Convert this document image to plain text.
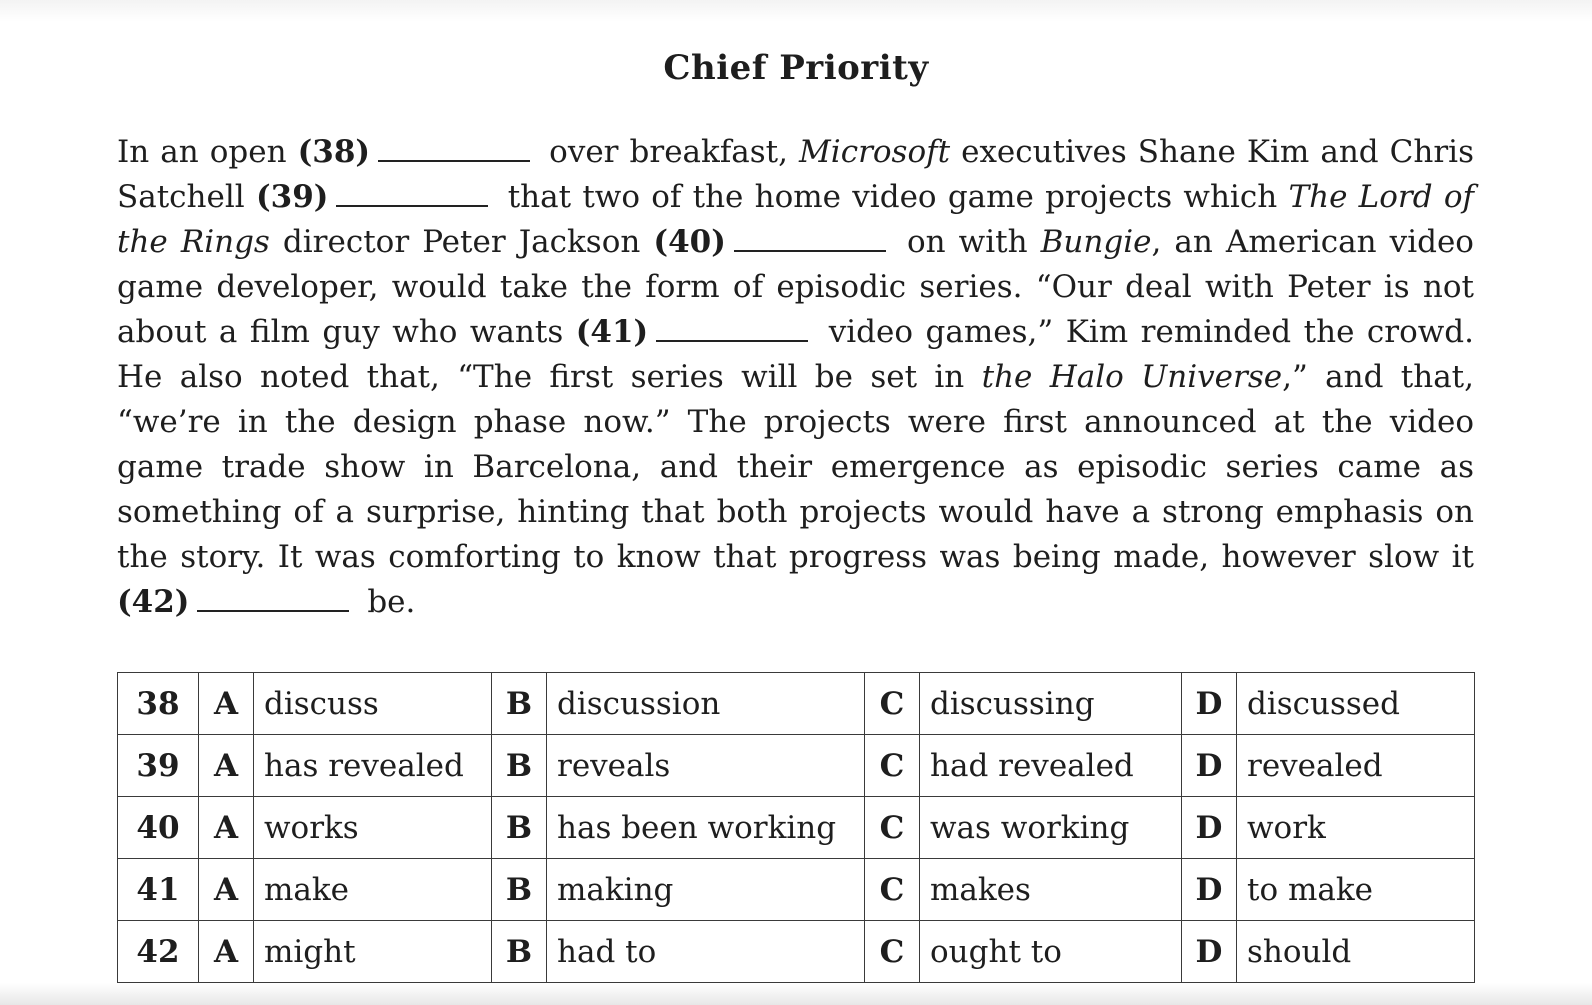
Chief Priority

In an open (38)	over breakfast, Microsoft executives Shane Kim and Chris Satchell (39)	that two of the home video game projects which The Lord of the Rings director Peter Jackson (40)	on with Bungie, an American video game developer, would take the form of episodic series. “Our deal with Peter is not about a film guy who wants (41)	video games,” Kim reminded the crowd. He also noted that, “The first series will be set in the Halo Universe,” and that, “we’re in the design phase now.” The projects were first announced at the video game trade show in Barcelona, and their emergence as episodic series came as something of a surprise, hinting that both projects would have a strong emphasis on the story. It was comforting to know that progress was being made, however slow it (42)	be.

38	A	discuss	B	discussion	C	discussing	D	discussed
39	A	has revealed	B	reveals	C	had revealed	D	revealed
40	A	works	B	has been working	C	was working	D	work
41	A	make	B	making	C	makes	D	to make
42	A	might	B	had to	C	ought to	D	should
